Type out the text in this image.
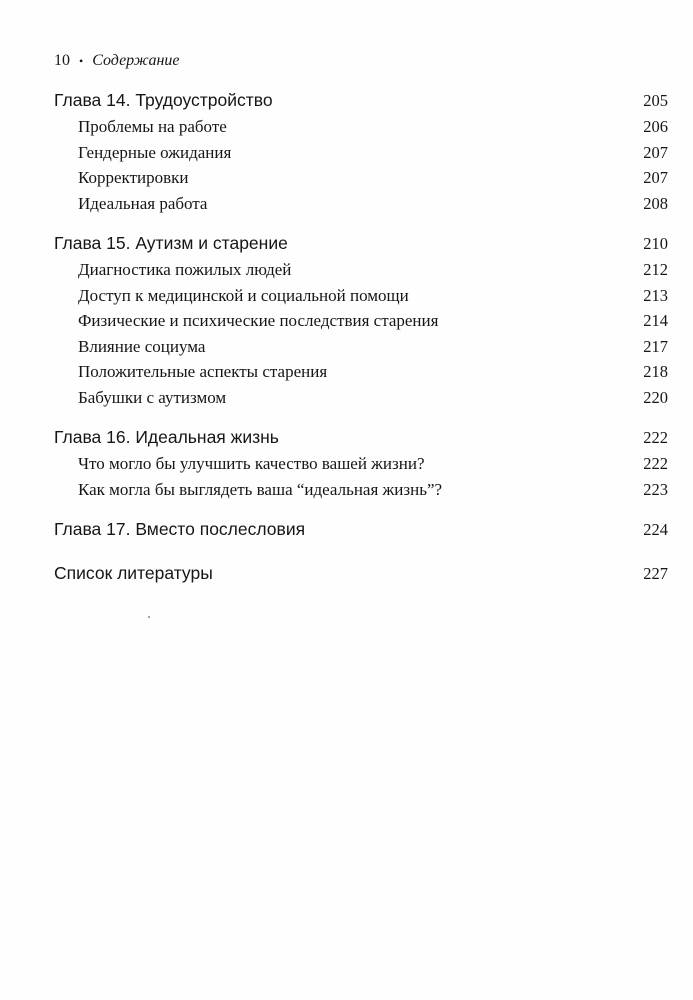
10 • Содержание
Глава 14. Трудоустройство	205
Проблемы на работе	206
Гендерные ожидания	207
Корректировки	207
Идеальная работа	208
Глава 15. Аутизм и старение	210
Диагностика пожилых людей	212
Доступ к медицинской и социальной помощи	213
Физические и психические последствия старения	214
Влияние социума	217
Положительные аспекты старения	218
Бабушки с аутизмом	220
Глава 16. Идеальная жизнь	222
Что могло бы улучшить качество вашей жизни?	222
Как могла бы выглядеть ваша “идеальная жизнь”?	223
Глава 17. Вместо послесловия	224
Список литературы	227
